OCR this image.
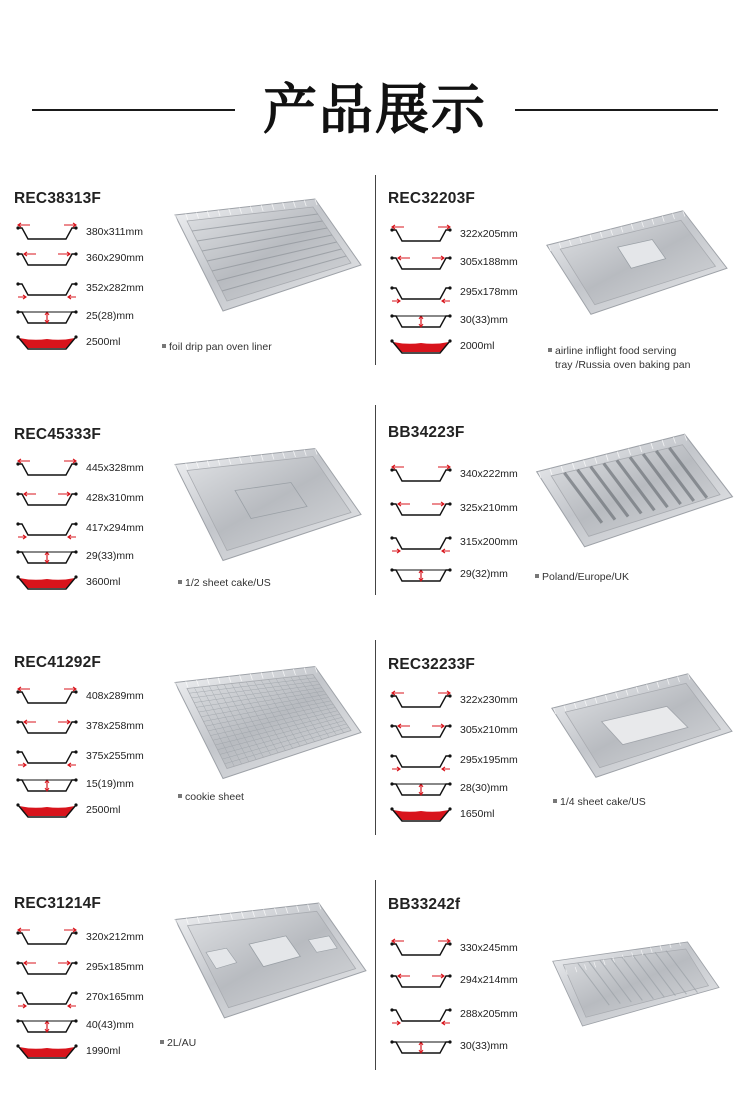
产品展示
REC38313F
380x311mm
360x290mm
352x282mm
25(28)mm
2500ml	foil drip pan oven liner
REC32203F
322x205mm
305x188mm
295x178mm
30(33)mm
2000ml	airline inflight food serving
tray /Russia oven baking pan
REC45333F
445x328mm
428x310mm
417x294mm
29(33)mm
3600ml	1/2 sheet cake/US
BB34223F
340x222mm
325x210mm
315x200mm
29(32)mm	Poland/Europe/UK
REC41292F
408x289mm
378x258mm
375x255mm
15(19)mm
2500ml
cookie sheet
REC32233F
322x230mm
305x210mm
295x195mm
28(30)mm
1650ml
1/4 sheet cake/US
REC31214F
320x212mm
295x185mm
270x165mm
40(43)mm
1990ml
2L/AU
BB33242f
330x245mm
294x214mm
288x205mm
30(33)mm
